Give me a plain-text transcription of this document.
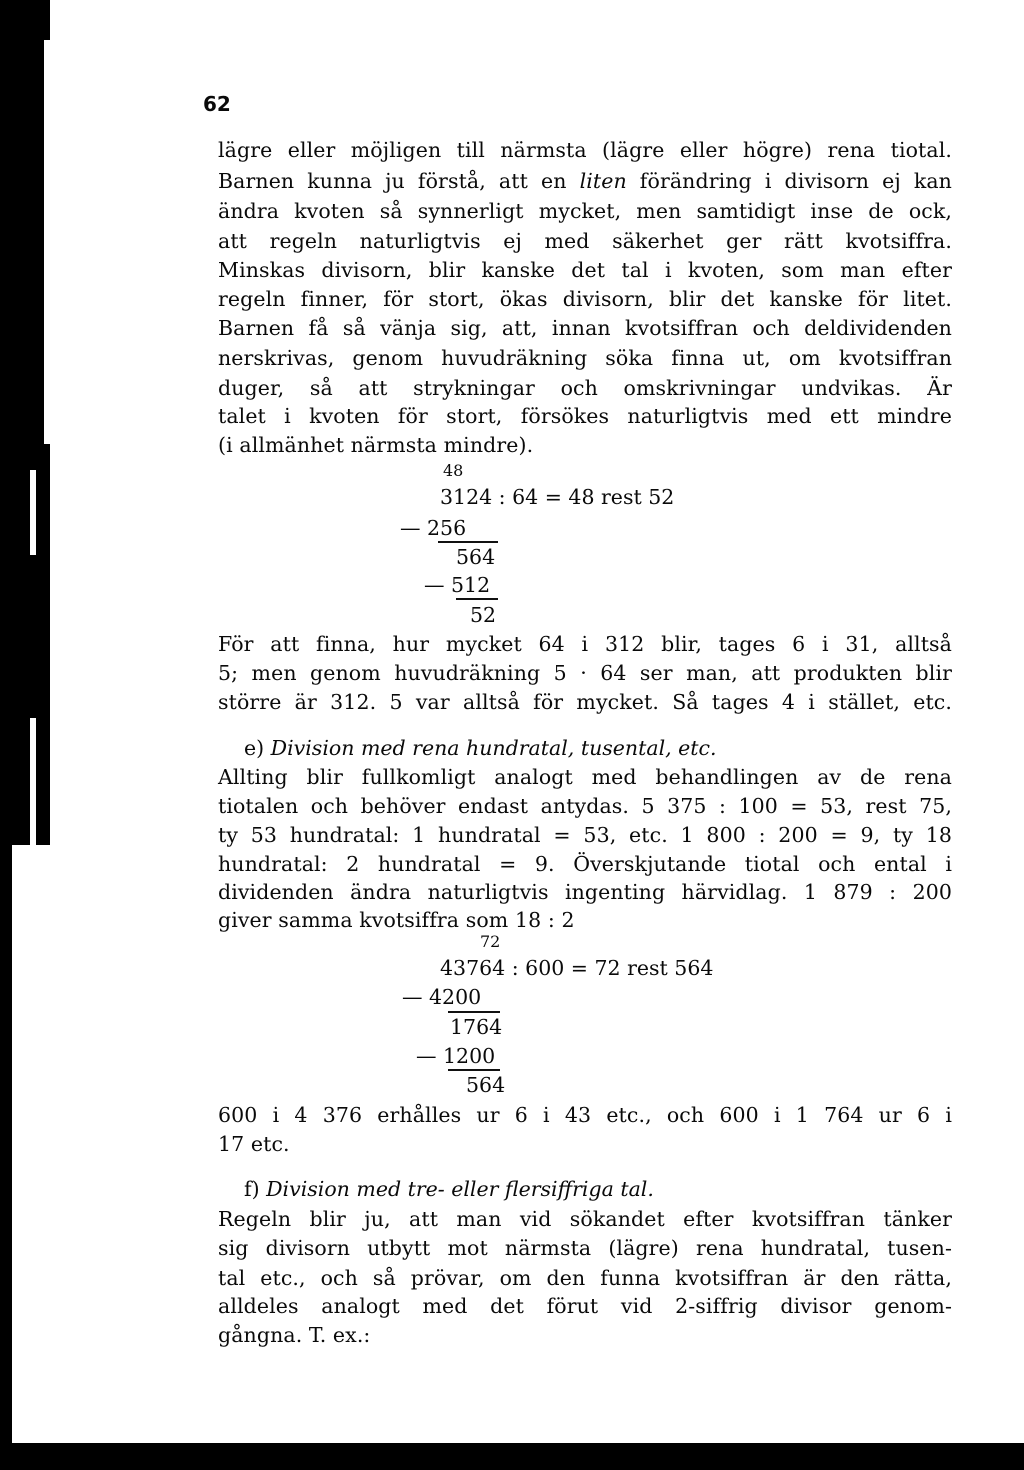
62
lägre eller möjligen till närmsta (lägre eller högre) rena tiotal.
Barnen kunna ju förstå, att en liten förändring i divisorn ej kan
ändra kvoten så synnerligt mycket, men samtidigt inse de ock,
att regeln naturligtvis ej med säkerhet ger rätt kvotsiffra.
Minskas divisorn, blir kanske det tal i kvoten, som man efter
regeln finner, för stort, ökas divisorn, blir det kanske för litet.
Barnen få så vänja sig, att, innan kvotsiffran och deldividenden
nerskrivas, genom huvudräkning söka finna ut, om kvotsiffran
duger, så att strykningar och omskrivningar undvikas. Är
talet i kvoten för stort, försökes naturligtvis med ett mindre
(i allmänhet närmsta mindre).
48
3124 : 64 = 48 rest 52
— 256
564
— 512
52
För att finna, hur mycket 64 i 312 blir, tages 6 i 31, alltså
5; men genom huvudräkning 5 · 64 ser man, att produkten blir
större är 312. 5 var alltså för mycket. Så tages 4 i stället, etc.
e) Division med rena hundratal, tusental, etc.
Allting blir fullkomligt analogt med behandlingen av de rena
tiotalen och behöver endast antydas. 5 375 : 100 = 53, rest 75,
ty 53 hundratal: 1 hundratal = 53, etc. 1 800 : 200 = 9, ty 18
hundratal: 2 hundratal = 9. Överskjutande tiotal och ental i
dividenden ändra naturligtvis ingenting härvidlag. 1 879 : 200
giver samma kvotsiffra som 18 : 2
72
43764 : 600 = 72 rest 564
— 4200
1764
— 1200
564
600 i 4 376 erhålles ur 6 i 43 etc., och 600 i 1 764 ur 6 i
17 etc.
f) Division med tre- eller flersiffriga tal.
Regeln blir ju, att man vid sökandet efter kvotsiffran tänker
sig divisorn utbytt mot närmsta (lägre) rena hundratal, tusen-
tal etc., och så prövar, om den funna kvotsiffran är den rätta,
alldeles analogt med det förut vid 2-siffrig divisor genom-
gångna. T. ex.:
